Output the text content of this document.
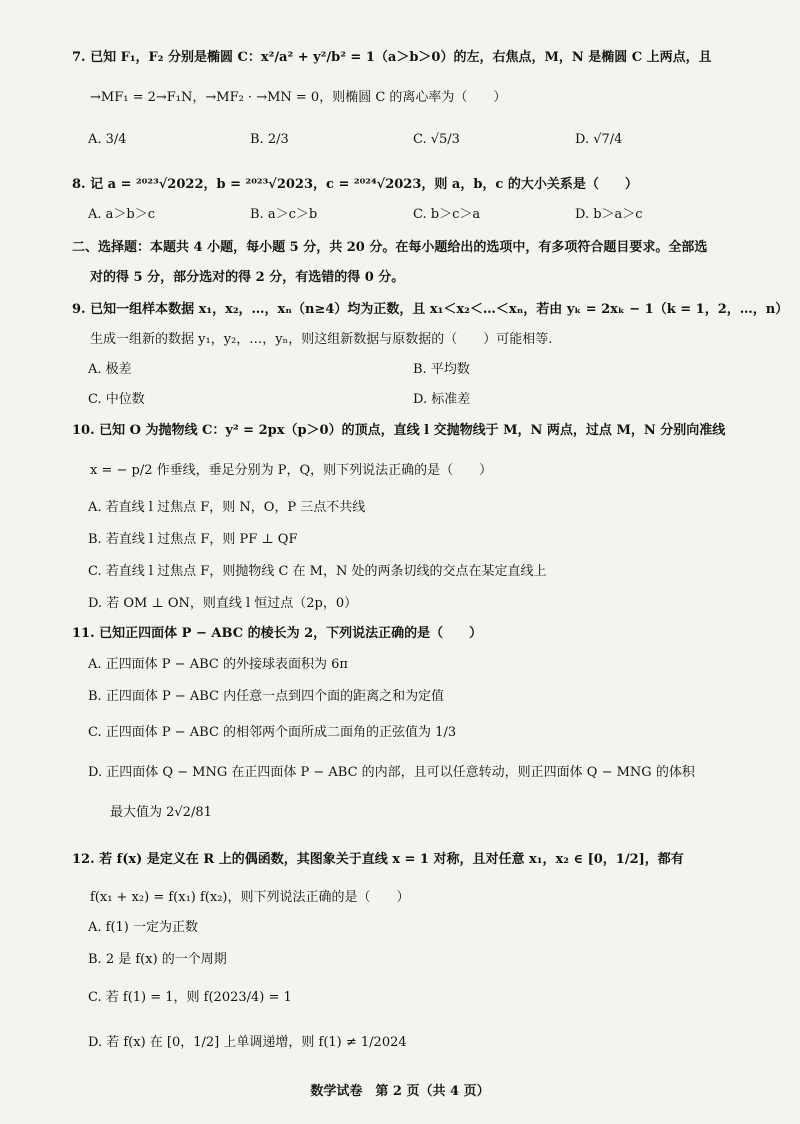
7. 已知 F₁，F₂ 分别是椭圆 C：x²/a² + y²/b² = 1（a＞b＞0）的左，右焦点，M，N 是椭圆 C 上两点，且
→MF₁ = 2→F₁N，→MF₂ · →MN = 0，则椭圆 C 的离心率为（　　）
A. 3/4	B. 2/3	C. √5/3	D. √7/4
8. 记 a = ²⁰²³√2022，b = ²⁰²³√2023，c = ²⁰²⁴√2023，则 a，b，c 的大小关系是（　　）
A. a＞b＞c	B. a＞c＞b	C. b＞c＞a	D. b＞a＞c
二、选择题：本题共 4 小题，每小题 5 分，共 20 分。在每小题给出的选项中，有多项符合题目要求。全部选
对的得 5 分，部分选对的得 2 分，有选错的得 0 分。
9. 已知一组样本数据 x₁，x₂，…，xₙ（n≥4）均为正数，且 x₁＜x₂＜…＜xₙ，若由 yₖ = 2xₖ − 1（k = 1，2，…，n）
生成一组新的数据 y₁，y₂，…，yₙ，则这组新数据与原数据的（　　）可能相等.
A. 极差	B. 平均数
C. 中位数	D. 标准差
10. 已知 O 为抛物线 C：y² = 2px（p＞0）的顶点，直线 l 交抛物线于 M，N 两点，过点 M，N 分别向准线
x = − p/2 作垂线，垂足分别为 P，Q，则下列说法正确的是（　　）
A. 若直线 l 过焦点 F，则 N，O，P 三点不共线
B. 若直线 l 过焦点 F，则 PF ⊥ QF
C. 若直线 l 过焦点 F，则抛物线 C 在 M，N 处的两条切线的交点在某定直线上
D. 若 OM ⊥ ON，则直线 l 恒过点（2p，0）
11. 已知正四面体 P − ABC 的棱长为 2，下列说法正确的是（　　）
A. 正四面体 P − ABC 的外接球表面积为 6π
B. 正四面体 P − ABC 内任意一点到四个面的距离之和为定值
C. 正四面体 P − ABC 的相邻两个面所成二面角的正弦值为 1/3
D. 正四面体 Q − MNG 在正四面体 P − ABC 的内部，且可以任意转动，则正四面体 Q − MNG 的体积
最大值为 2√2/81
12. 若 f(x) 是定义在 R 上的偶函数，其图象关于直线 x = 1 对称，且对任意 x₁，x₂ ∈ [0，1/2]，都有
f(x₁ + x₂) = f(x₁) f(x₂)，则下列说法正确的是（　　）
A. f(1) 一定为正数
B. 2 是 f(x) 的一个周期
C. 若 f(1) = 1，则 f(2023/4) = 1
D. 若 f(x) 在 [0，1/2] 上单调递增，则 f(1) ≠ 1/2024
数学试卷　第 2 页（共 4 页）
